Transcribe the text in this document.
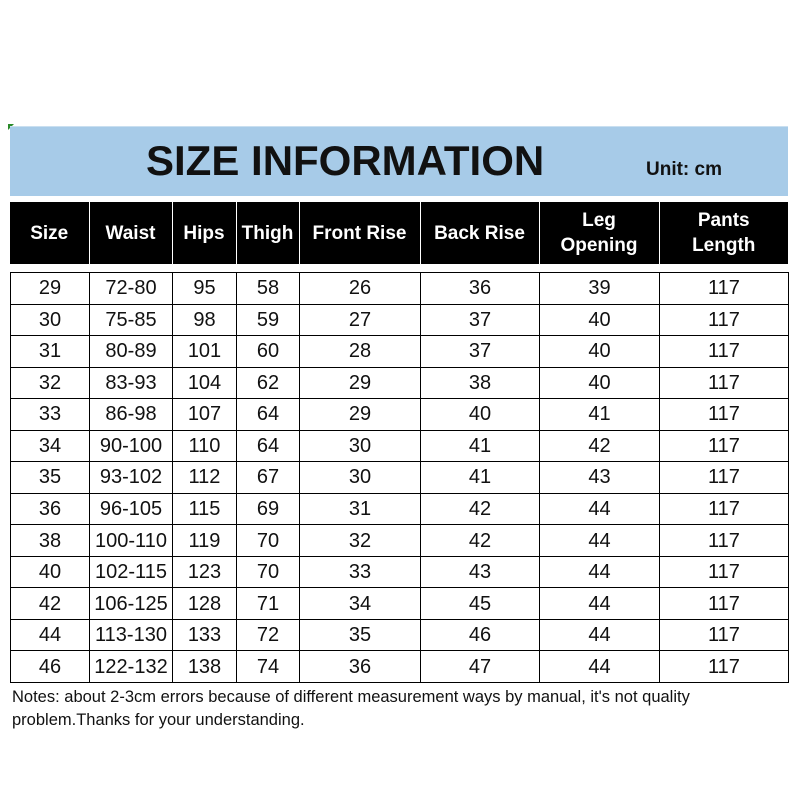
SIZE INFORMATION	Unit: cm
Size	Waist	Hips	Thigh	Front Rise	Back Rise	Leg Opening	Pants Length
29	72-80	95	58	26	36	39	117
30	75-85	98	59	27	37	40	117
31	80-89	101	60	28	37	40	117
32	83-93	104	62	29	38	40	117
33	86-98	107	64	29	40	41	117
34	90-100	110	64	30	41	42	117
35	93-102	112	67	30	41	43	117
36	96-105	115	69	31	42	44	117
38	100-110	119	70	32	42	44	117
40	102-115	123	70	33	43	44	117
42	106-125	128	71	34	45	44	117
44	113-130	133	72	35	46	44	117
46	122-132	138	74	36	47	44	117
Notes: about 2-3cm errors because of different measurement ways by manual, it's not quality problem.Thanks for your understanding.
